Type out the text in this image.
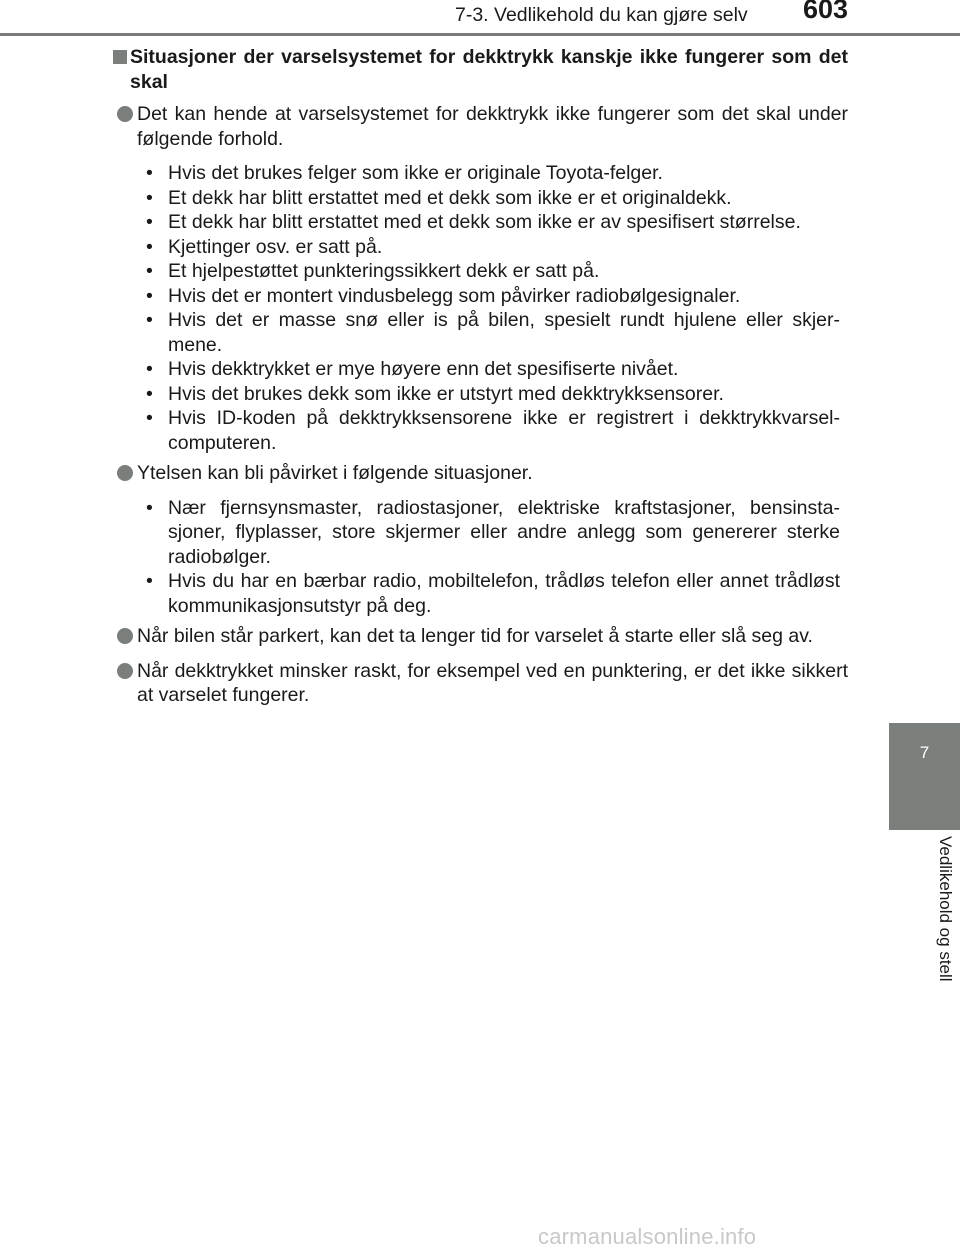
7-3. Vedlikehold du kan gjøre selv 603
7
Vedlikehold og stell
Situasjoner der varselsystemet for dekktrykk kanskje ikke fungerer som det skal
Det kan hende at varselsystemet for dekktrykk ikke fungerer som det skal under følgende forhold.
• Hvis det brukes felger som ikke er originale Toyota-felger.
• Et dekk har blitt erstattet med et dekk som ikke er et originaldekk.
• Et dekk har blitt erstattet med et dekk som ikke er av spesifisert størrelse.
• Kjettinger osv. er satt på.
• Et hjelpestøttet punkteringssikkert dekk er satt på.
• Hvis det er montert vindusbelegg som påvirker radiobølgesignaler.
• Hvis det er masse snø eller is på bilen, spesielt rundt hjulene eller skjer-mene.
• Hvis dekktrykket er mye høyere enn det spesifiserte nivået.
• Hvis det brukes dekk som ikke er utstyrt med dekktrykksensorer.
• Hvis ID-koden på dekktrykksensorene ikke er registrert i dekktrykkvarsel-computeren.
Ytelsen kan bli påvirket i følgende situasjoner.
• Nær fjernsynsmaster, radiostasjoner, elektriske kraftstasjoner, bensinsta-sjoner, flyplasser, store skjermer eller andre anlegg som genererer sterke radiobølger.
• Hvis du har en bærbar radio, mobiltelefon, trådløs telefon eller annet trådløst kommunikasjonsutstyr på deg.
Når bilen står parkert, kan det ta lenger tid for varselet å starte eller slå seg av.
Når dekktrykket minsker raskt, for eksempel ved en punktering, er det ikke sikkert at varselet fungerer.
carmanualsonline.info
